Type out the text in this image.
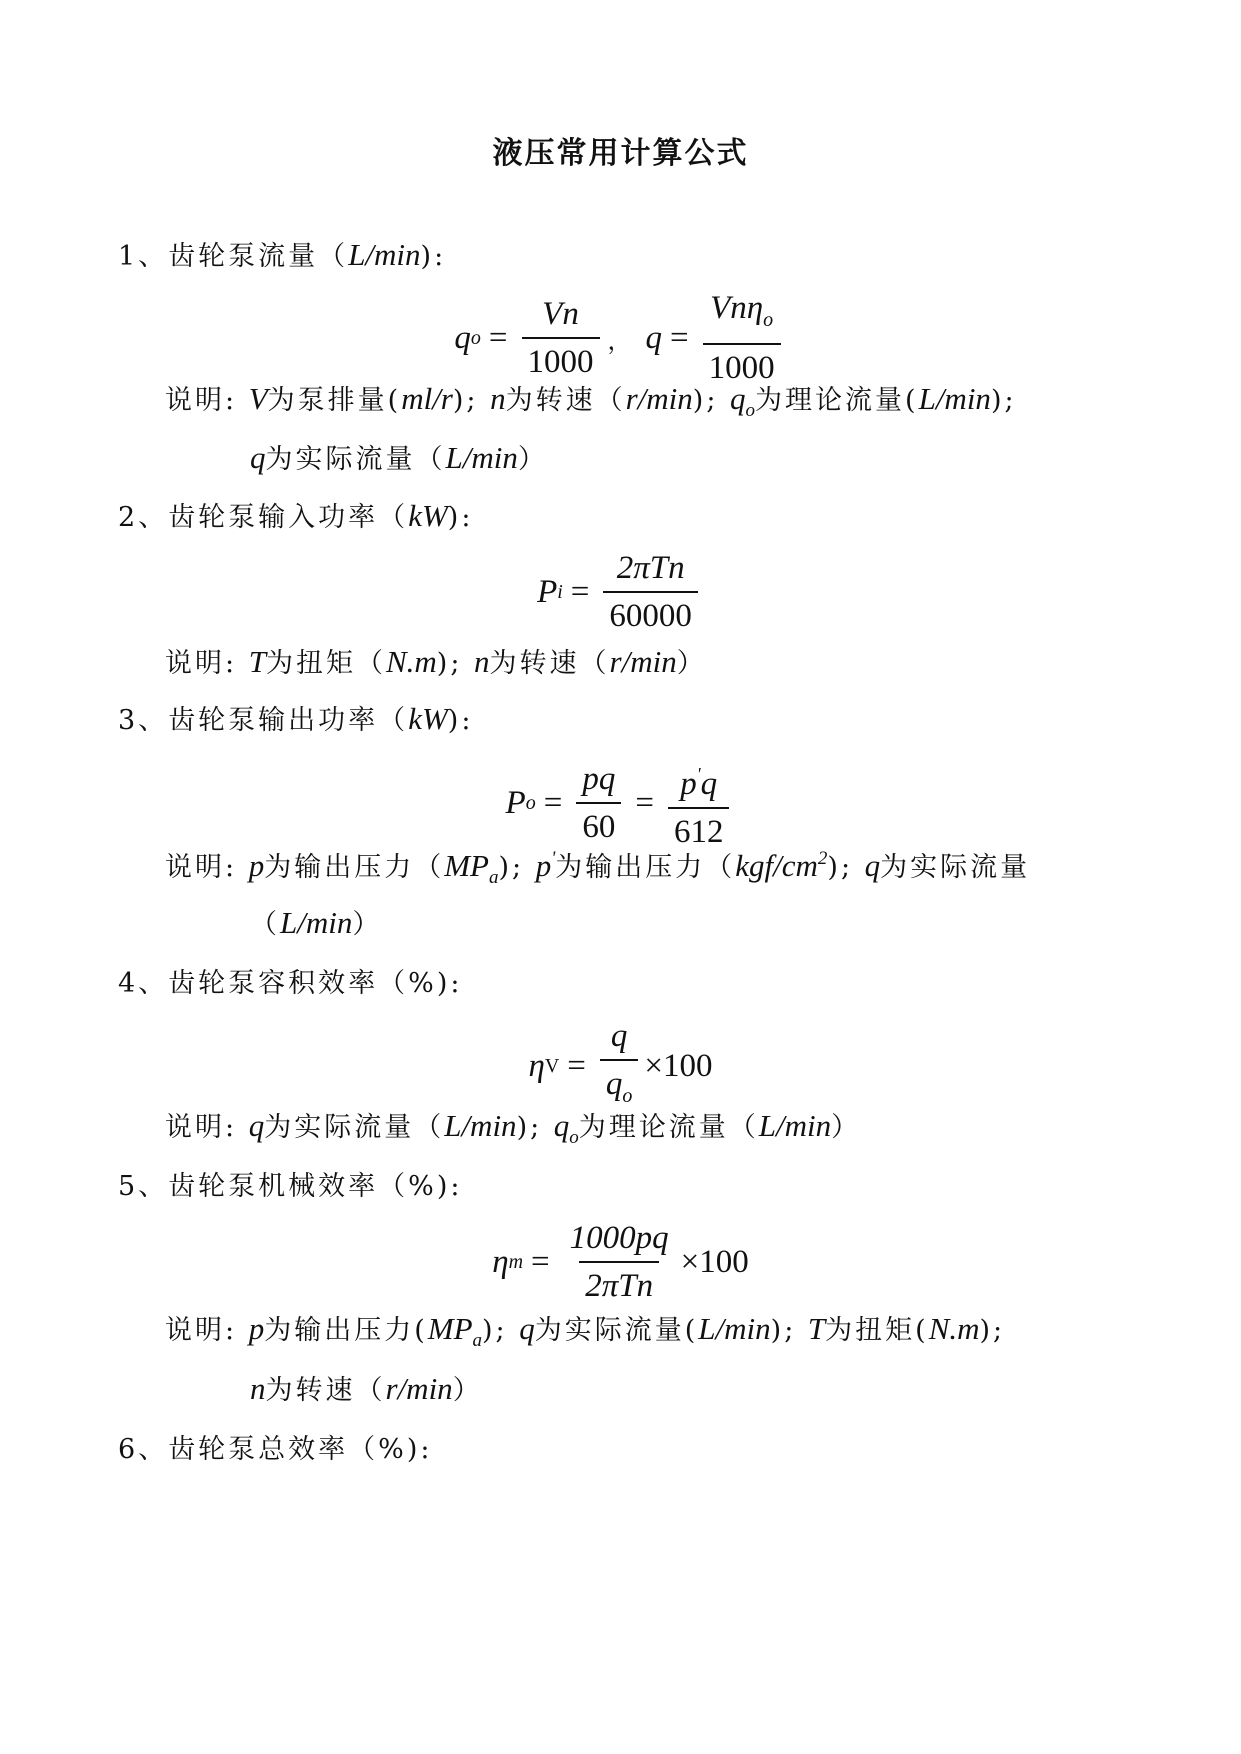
液压常用计算公式
1、齿轮泵流量（L/min):
q $o = \frac{Vn}{1000}$ ， $q = \frac{Vn\eta_o}{1000}$
说明: V为泵排量(ml/r); n为转速（r/min); $q_o$为理论流量(L/min);
q为实际流量（L/min）
2、齿轮泵输入功率（kW):
P $i = \frac{\text{2πTn}}{60000}$
说明: T为扭矩（N.m); n为转速（r/min）
3、齿轮泵输出功率（kW):
P $o = \frac{pq}{60} = \frac{p'q}{612}$
说明: p为输出压力$(MP_a)$; p'为输出压力$(kgf/cm^2)$; q为实际流量
（L/min）
4、齿轮泵容积效率（%):
η $V = \frac{q}{q_o} \times 100$
说明: q为实际流量（L/min); $q_o$为理论流量（L/min）
5、齿轮泵机械效率（%):
η $m = \frac{1000pq}{\text{2πTn}} \times 100$
说明: p为输出压力$(MP_a)$; q为实际流量(L/min); T为扭矩(N.m);
n为转速（r/min）
6、齿轮泵总效率（%):
